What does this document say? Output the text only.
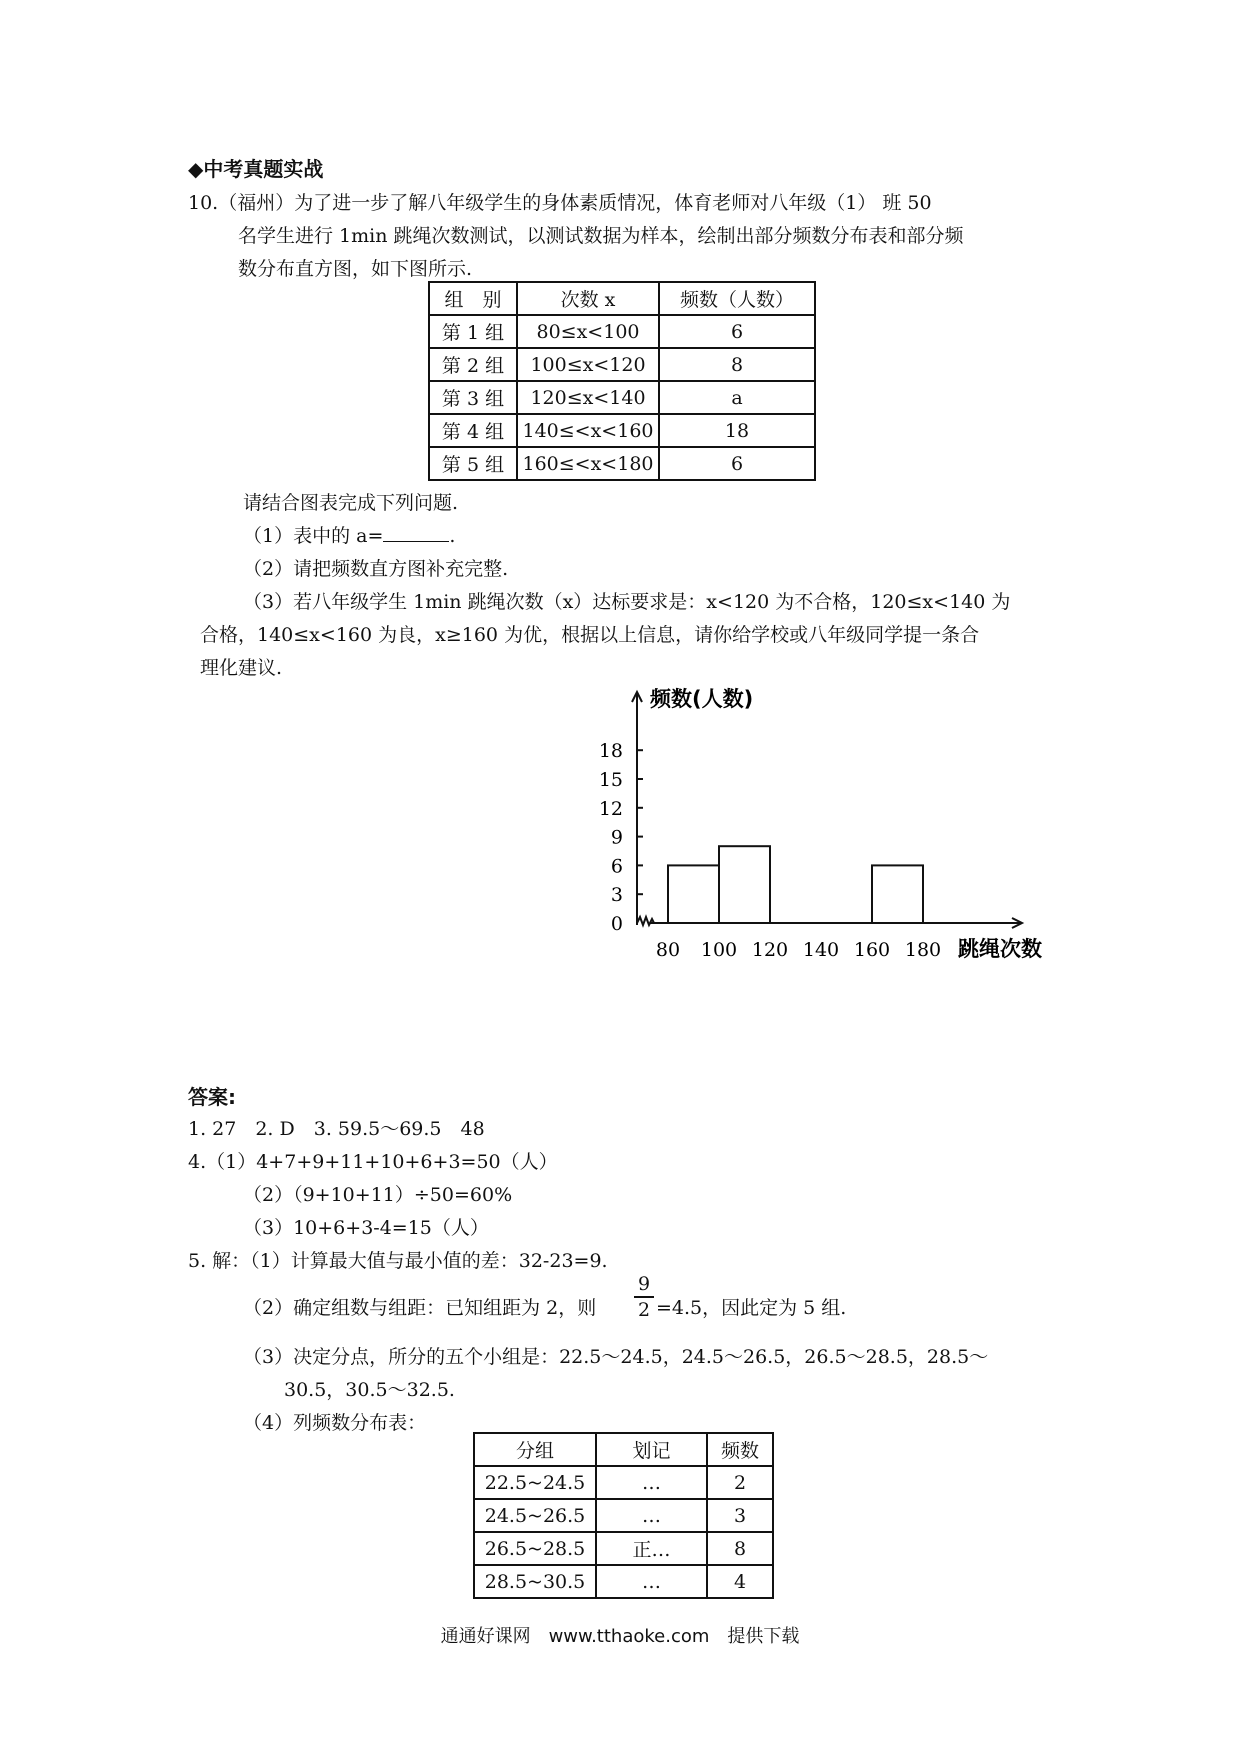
◆中考真题实战
10.（福州）为了进一步了解八年级学生的身体素质情况，体育老师对八年级（1） 班 50
名学生进行 1min 跳绳次数测试，以测试数据为样本，绘制出部分频数分布表和部分频
数分布直方图，如下图所示.
组　别	次数 x	频数（人数）
第 1 组	80≤x<100	6
第 2 组	100≤x<120	8
第 3 组	120≤x<140	a
第 4 组	140≤<x<160	18
第 5 组	160≤<x<180	6
请结合图表完成下列问题.
（1）表中的 a=	.
（2）请把频数直方图补充完整.
（3）若八年级学生 1min 跳绳次数（x）达标要求是：x<120 为不合格，120≤x<140 为
合格，140≤x<160 为良，x≥160 为优，根据以上信息，请你给学校或八年级同学提一条合
理化建议.
0
3
6
9
12
15
18
80 100 120 140 160 180
频数(人数)
跳绳次数
答案:
1. 27　2. D　3. 59.5～69.5　48
4.（1）4+7+9+11+10+6+3=50（人）
（2）（9+10+11）÷50=60%
（3）10+6+3-4=15（人）
5. 解：（1）计算最大值与最小值的差：32-23=9.
（2）确定组数与组距：已知组距为 2，则
9
2 =4.5，因此定为 5 组.
（3）决定分点，所分的五个小组是：22.5～24.5，24.5～26.5，26.5～28.5，28.5～
30.5，30.5～32.5.
（4）列频数分布表：
分组	划记	频数
22.5~24.5	…	2
24.5~26.5	…	3
26.5~28.5	正…	8
28.5~30.5	…	4
通通好课网　www.tthaoke.com　提供下载
